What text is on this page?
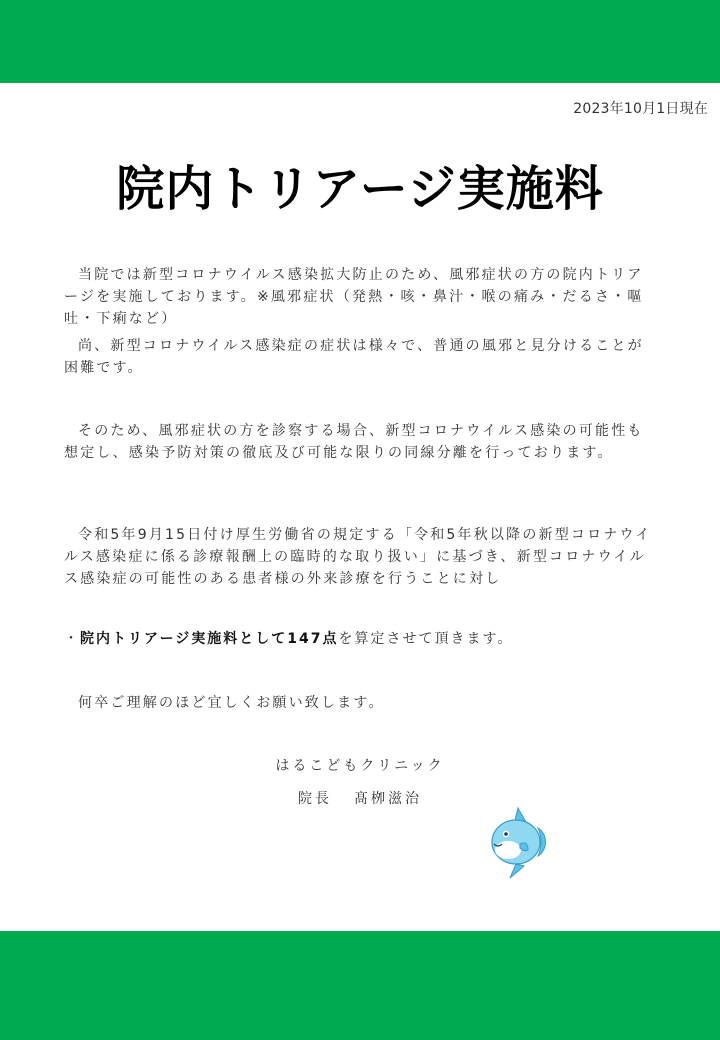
2023年10月1日現在
院内トリアージ実施料

当院では新型コロナウイルス感染拡大防止のため、風邪症状の方の院内トリアージを実施しております。※風邪症状（発熱・咳・鼻汁・喉の痛み・だるさ・嘔吐・下痢など）

尚、新型コロナウイルス感染症の症状は様々で、普通の風邪と見分けることが困難です。

そのため、風邪症状の方を診察する場合、新型コロナウイルス感染の可能性も想定し、感染予防対策の徹底及び可能な限りの同線分離を行っております。

令和5年9月15日付け厚生労働省の規定する「令和5年秋以降の新型コロナウイルス感染症に係る診療報酬上の臨時的な取り扱い」に基づき、新型コロナウイルス感染症の可能性のある患者様の外来診療を行うことに対し

・院内トリアージ実施料として147点を算定させて頂きます。

何卒ご理解のほど宜しくお願い致します。

はるこどもクリニック
院長 髙栁滋治
